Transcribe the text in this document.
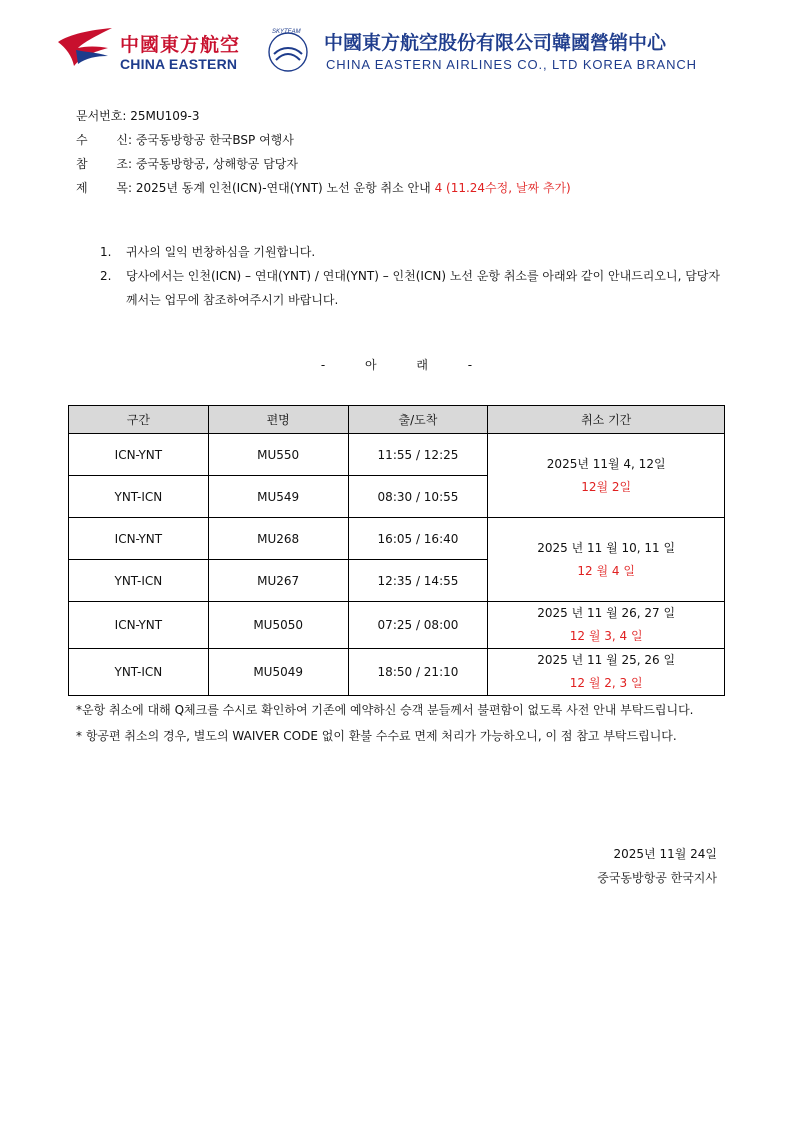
中國東方航空
CHINA EASTERN
SKYTEAM 中國東方航空股份有限公司韓國營销中心
CHINA EASTERN AIRLINES CO., LTD KOREA BRANCH
문서번호:
25MU109-3
수 신:
중국동방항공 한국BSP 여행사
참 조:
중국동방항공, 상해항공 담당자
제 목:
2025년 동계 인천(ICN)-연대(YNT) 노선 운항 취소 안내
4 (11.24수정, 날짜 추가)
1.	귀사의 일익 번창하심을 기원합니다.
2.	당사에서는 인천(ICN) – 연대(YNT) / 연대(YNT) – 인천(ICN) 노선 운항 취소를 아래와 같이 안내드리오니, 담당자께서는 업무에 참조하여주시기 바랍니다.
- 아 래 -
구간	편명	출/도착	취소 기간
ICN-YNT	MU550	11:55 / 12:25	2025년 11월 4, 12일
12월 2일

YNT-ICN	MU549	08:30 / 10:55	
ICN-YNT	MU268	16:05 / 16:40	2025 년 11 월 10, 11 일
12 월 4 일

YNT-ICN	MU267	12:35 / 14:55	
ICN-YNT	MU5050	07:25 / 08:00	2025 년 11 월 26, 27 일
12 월 3, 4 일

YNT-ICN	MU5049	18:50 / 21:10	2025 년 11 월 25, 26 일
12 월 2, 3 일

*운항 취소에 대해 Q체크를 수시로 확인하여 기존에 예약하신 승객 분들께서 불편함이 없도록 사전 안내 부탁드립니다.

* 항공편 취소의 경우, 별도의 WAIVER CODE 없이 환불 수수료 면제 처리가 가능하오니, 이 점 참고 부탁드립니다.

2025년 11월 24일
중국동방항공 한국지사
